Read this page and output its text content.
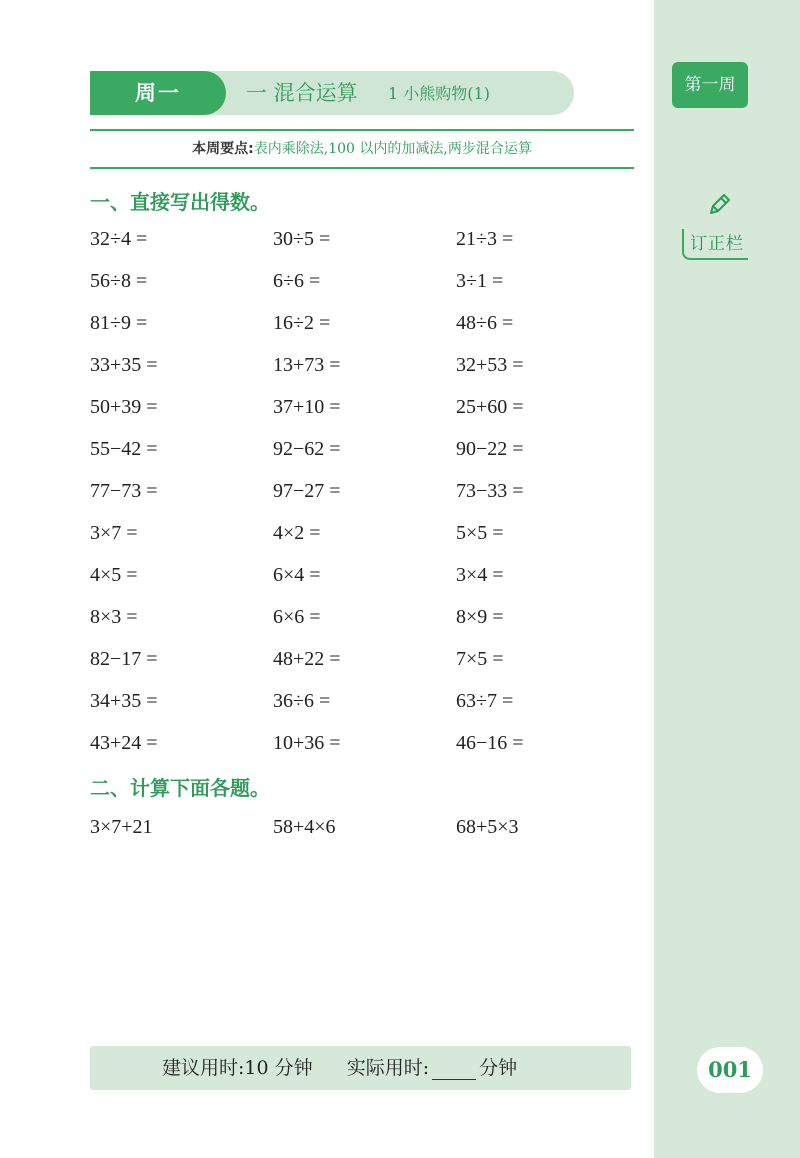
第一周
订正栏
001
周一	一 混合运算 1 小熊购物(1)
本周要点:表内乘除法,100 以内的加减法,两步混合运算
一、直接写出得数。
32÷4 =	30÷5 =	21÷3 =
56÷8 =	6÷6 =	3÷1 =
81÷9 =	16÷2 =	48÷6 =
33+35 =	13+73 =	32+53 =
50+39 =	37+10 =	25+60 =
55−42 =	92−62 =	90−22 =
77−73 =	97−27 =	73−33 =
3×7 =	4×2 =	5×5 =
4×5 =	6×4 =	3×4 =
8×3 =	6×6 =	8×9 =
82−17 =	48+22 =	7×5 =
34+35 =	36÷6 =	63÷7 =
43+24 =	10+36 =	46−16 =
二、计算下面各题。
3×7+21	58+4×6	68+5×3
建议用时:10 分钟 实际用时:	分钟
